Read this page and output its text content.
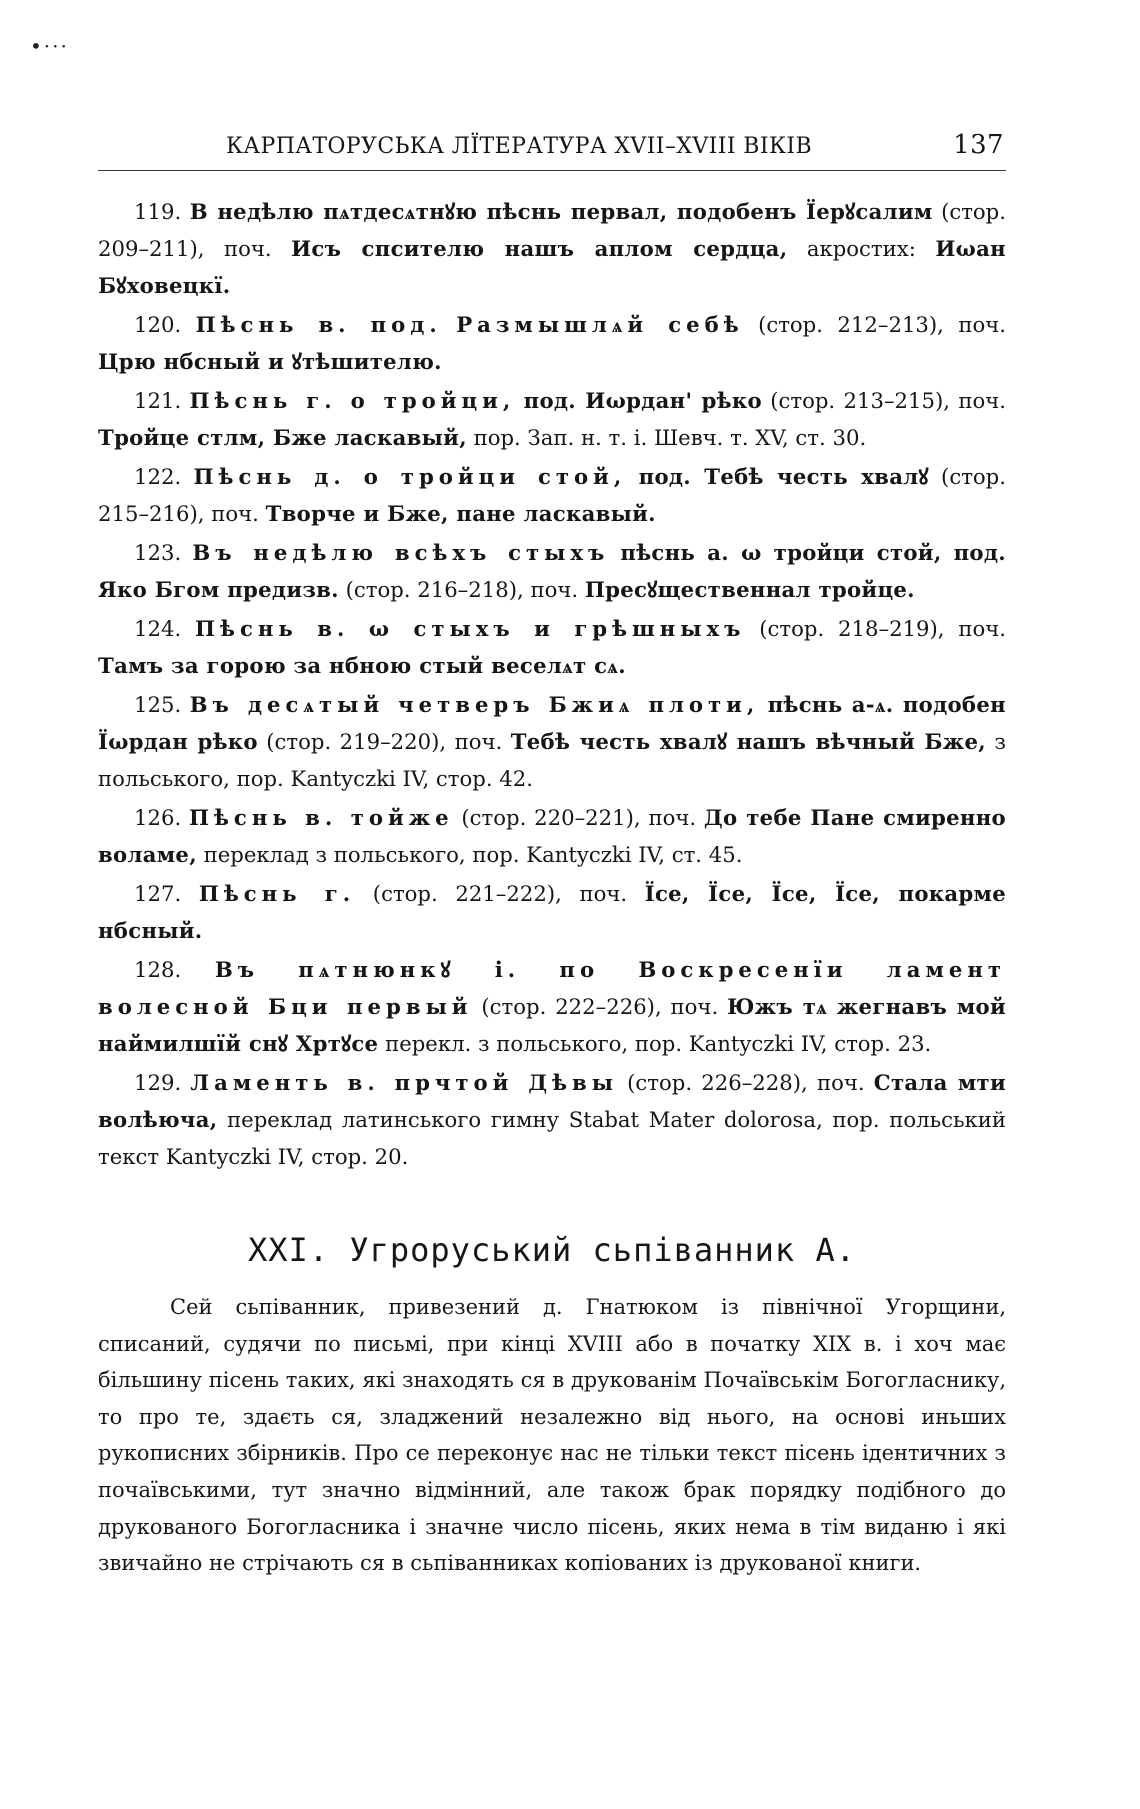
•···
КАРПАТОРУСЬКА ЛЇТЕРАТУРА XVII–XVIII ВІКІВ	137

119. В недѣлю пѧтдесѧтнꙋю пѣснь первал, подобенъ Їерꙋсалим (стор. 209–211), поч. Исъ спсителю нашъ аплом сердца, акростих: Иωан Бꙋховецкї.

120. Пѣснь в. под. Размышлѧй себѣ (стор. 212–213), поч. Црю нбсный и ꙋтѣшителю.

121. Пѣснь г. о тройци, под. Иωрдан' рѣко (стор. 213–215), поч. Тройце стлм, Бже ласкавый, пор. Зап. н. т. і. Шевч. т. XV, ст. 30.

122. Пѣснь д. о тройци стой, под. Тебѣ честь хвалꙋ (стор. 215–216), поч. Творче и Бже, пане ласкавый.

123. Въ недѣлю всѣхъ стыхъ пѣснь а. ω тройци стой, под. Яко Бгом предизв. (стор. 216–218), поч. Пресꙋщественнал тройце.

124. Пѣснь в. ω стыхъ и грѣшныхъ (стор. 218–219), поч. Тамъ за горою за нбною стый веселѧт сѧ.

125. Въ десѧтый четверъ Бжиѧ плоти, пѣснь а-ѧ. подобен Їωрдан рѣко (стор. 219–220), поч. Тебѣ честь хвалꙋ нашъ вѣчный Бже, з польського, пор. Kantyczki IV, стор. 42.

126. Пѣснь в. тойже (стор. 220–221), поч. До тебе Пане смиренно воламе, переклад з польського, пор. Kantyczki IV, ст. 45.

127. Пѣснь г. (стор. 221–222), поч. Їсе, Їсе, Їсе, Їсе, покарме нбсный.

128. Въ пѧтнюнкꙋ і. по Воскресенїи ламент волесной Бци первый (стор. 222–226), поч. Южъ тѧ жегнавъ мой наймилшїй снꙋ Хртꙋсе перекл. з польського, пор. Kantyczki IV, стор. 23.

129. Ламенть в. прчтой Дѣвы (стор. 226–228), поч. Стала мти волѣюча, переклад латинського гимну Stabat Mater dolorosa, пор. польський текст Kantyczki IV, стор. 20.

XXI. Угроруський сьпіванник А.

Сей сьпіванник, привезений д. Гнатюком із північної Угорщини, списаний, судячи по письмі, при кінці XVIII або в початку XIX в. і хоч має більшину пісень таких, які знаходять ся в друкованім Почаївськім Богогласнику, то про те, здаєть ся, зладжений незалежно від нього, на основі иньших рукописних збірників. Про се переконує нас не тільки текст пісень ідентичних з почаївськими, тут значно відмінний, але також брак порядку подібного до друкованого Богогласника і значне число пісень, яких нема в тім виданю і які звичайно не стрічають ся в сьпіванниках копіованих із друкованої книги.
